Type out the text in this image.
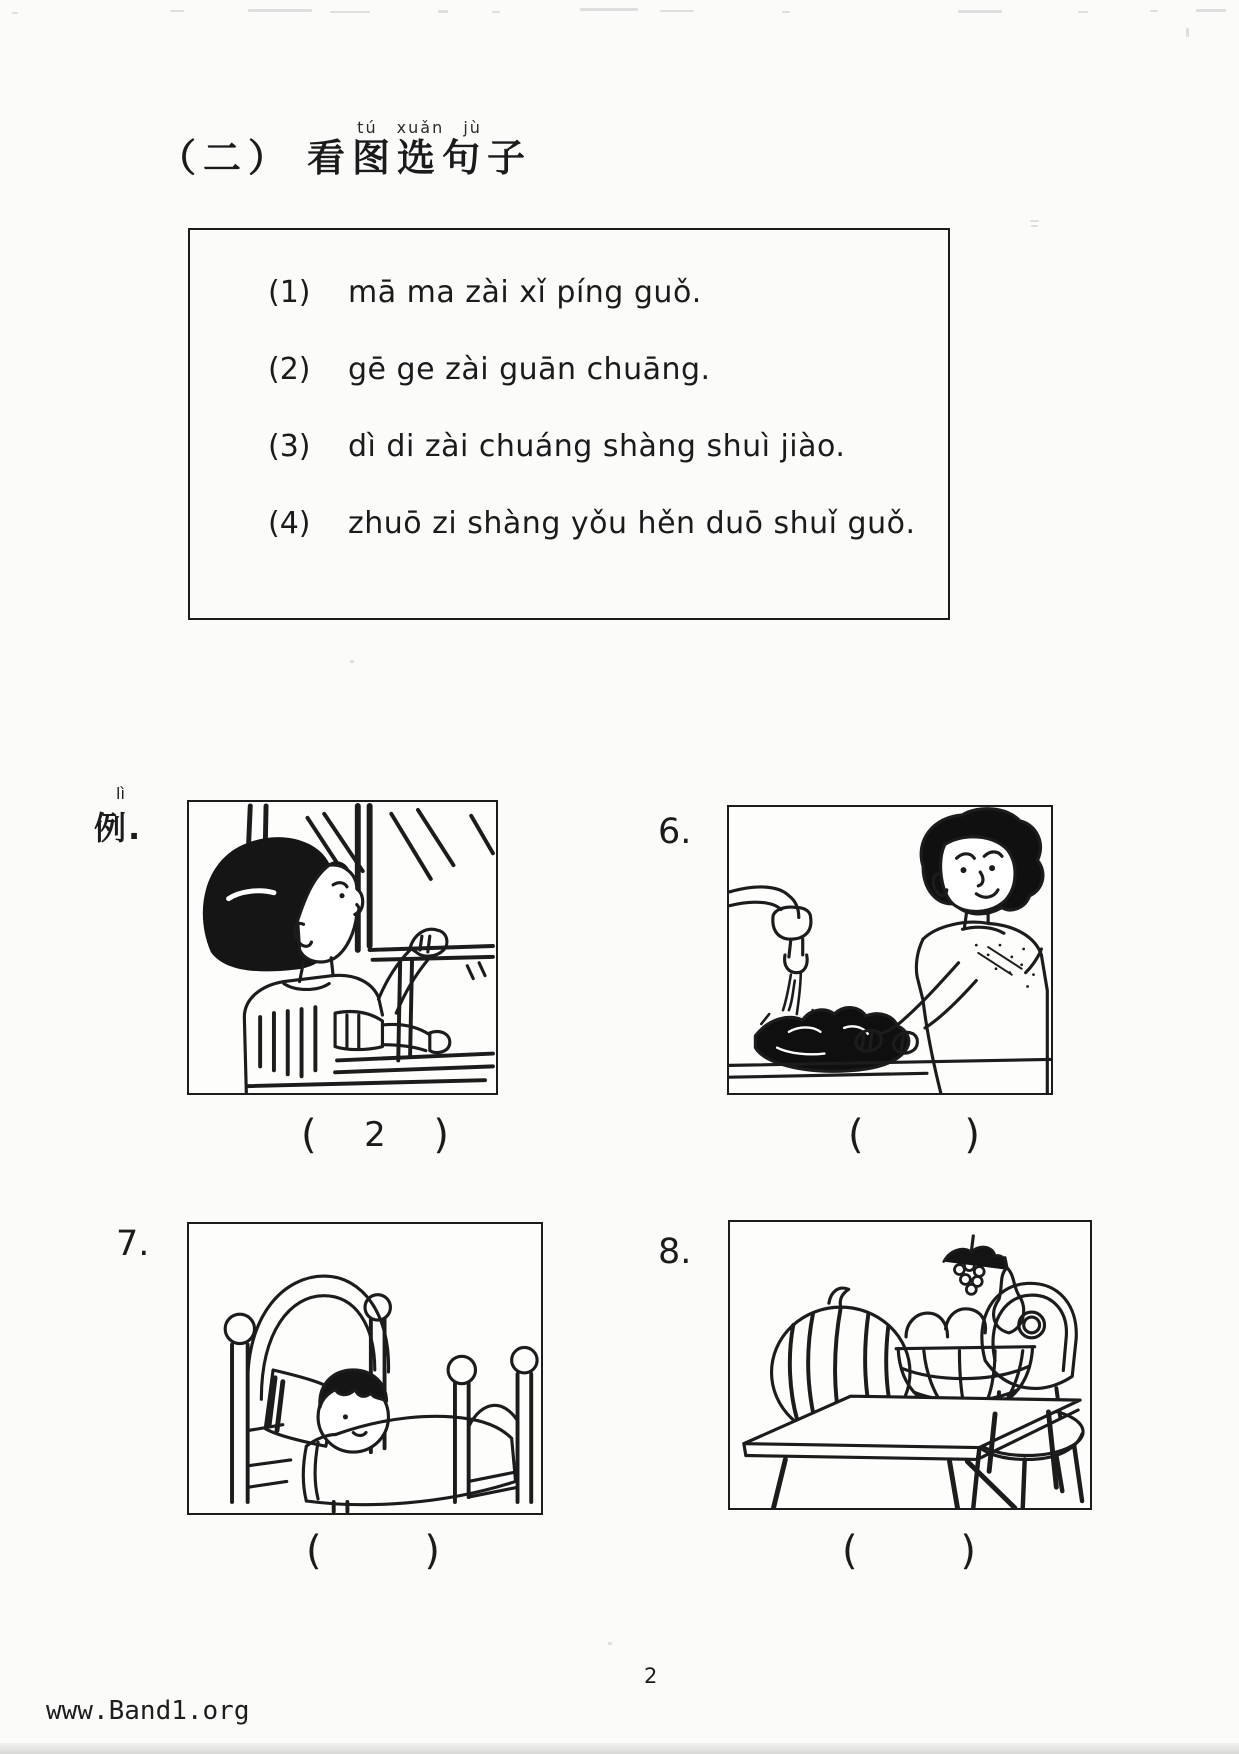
（二） 看
tú xuǎn jù
图选句 子
(1)	mā ma zài xǐ píng guǒ.
(2)	gē ge zài guān chuāng.
(3)	dì di zài chuáng shàng shuì jiào.
(4)	zhuō zi shàng yǒu hěn duō shuǐ guǒ.
lì
例.	6.
( 2 )	(	)
7.	8.
(	)	(	)
2
www.Band1.org
